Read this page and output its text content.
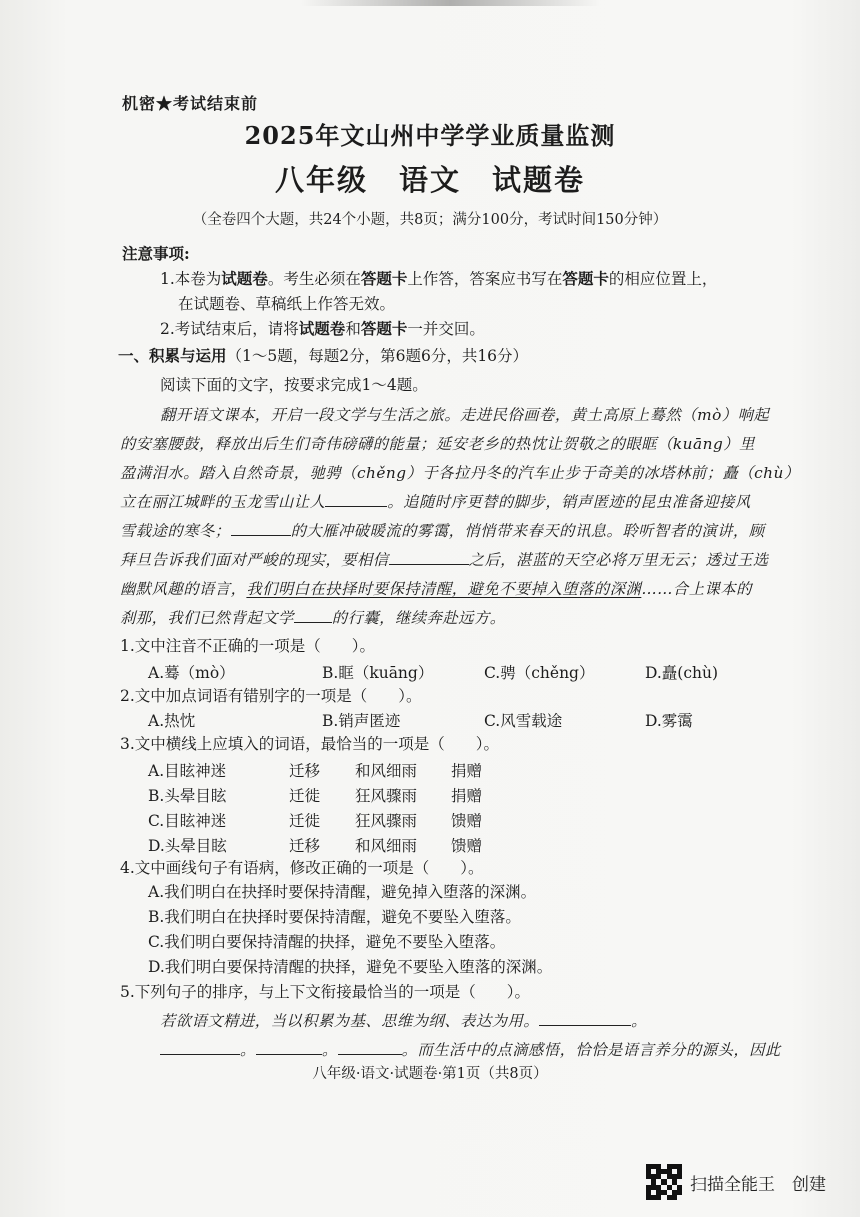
机密★考试结束前
2025年文山州中学学业质量监测
八年级　语文　试题卷
（全卷四个大题，共24个小题，共8页；满分100分，考试时间150分钟）
注意事项:
1.本卷为试题卷。考生必须在答题卡上作答，答案应书写在答题卡的相应位置上，
在试题卷、草稿纸上作答无效。
2.考试结束后，请将试题卷和答题卡一并交回。
一、积累与运用（1～5题，每题2分，第6题6分，共16分）
阅读下面的文字，按要求完成1～4题。
翻开语文课本，开启一段文学与生活之旅。走进民俗画卷，黄土高原上蓦然（mò）响起
的安塞腰鼓，释放出后生们奇伟磅礴的能量；延安老乡的热忱让贺敬之的眼眶（kuāng）里
盈满泪水。踏入自然奇景，驰骋（chěng）于各拉丹冬的汽车止步于奇美的冰塔林前；矗（chù）
立在丽江城畔的玉龙雪山让人	。追随时序更替的脚步，销声匿迹的昆虫准备迎接风
雪载途的寒冬；	的大雁冲破暖流的雾霭，悄悄带来春天的讯息。聆听智者的演讲，顾
拜旦告诉我们面对严峻的现实，要相信	之后，湛蓝的天空必将万里无云；透过王选
幽默风趣的语言，我们明白在抉择时要保持清醒，避免不要掉入堕落的深渊……合上课本的
刹那，我们已然背起文学 的行囊，继续奔赴远方。
1.文中注音不正确的一项是（　　）。
A.蓦（mò）	B.眶（kuāng）	C.骋（chěng）	D.矗(chù)
2.文中加点词语有错别字的一项是（　　）。
A.热忱	B.销声匿迹	C.风雪载途	D.雾霭
3.文中横线上应填入的词语，最恰当的一项是（　　）。
A.目眩神迷	迁移 和风细雨 捐赠
B.头晕目眩	迁徙 狂风骤雨 捐赠
C.目眩神迷	迁徙 狂风骤雨 馈赠
D.头晕目眩	迁移 和风细雨 馈赠
4.文中画线句子有语病，修改正确的一项是（　　）。
A.我们明白在抉择时要保持清醒，避免掉入堕落的深渊。
B.我们明白在抉择时要保持清醒，避免不要坠入堕落。
C.我们明白要保持清醒的抉择，避免不要坠入堕落。
D.我们明白要保持清醒的抉择，避免不要坠入堕落的深渊。
5.下列句子的排序，与上下文衔接最恰当的一项是（　　）。
若欲语文精进，当以积累为基、思维为纲、表达为用。	。
。	。	。而生活中的点滴感悟，恰恰是语言养分的源头，因此
八年级·语文·试题卷·第1页（共8页）
扫描全能王　创建
